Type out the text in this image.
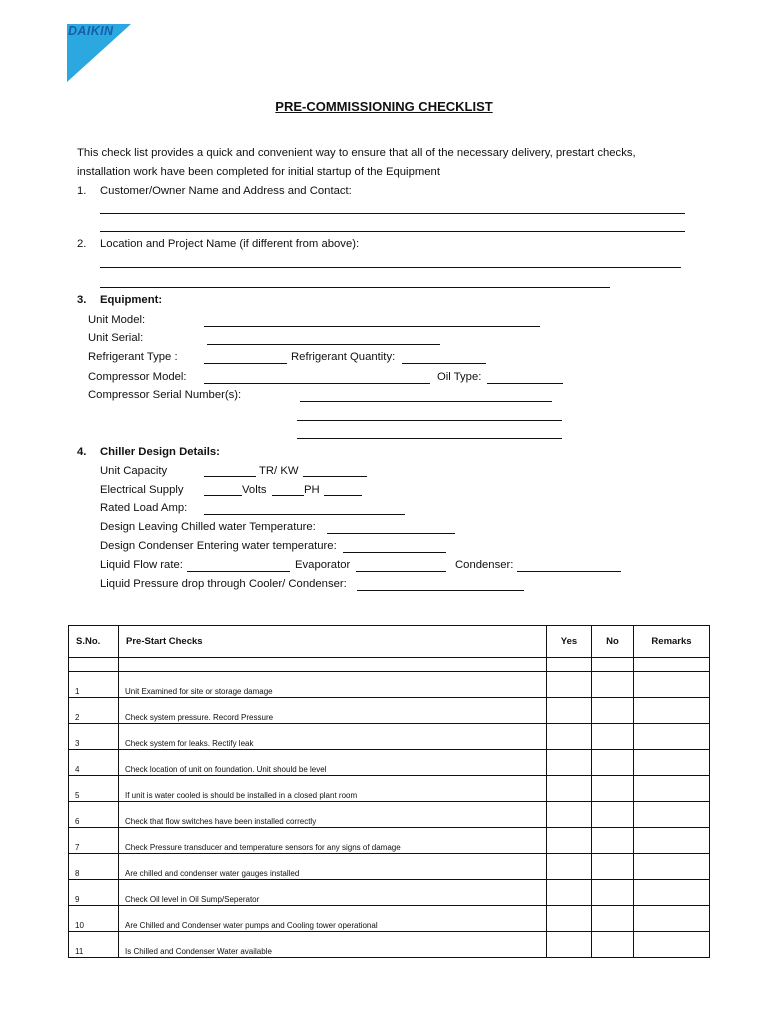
DAIKIN
PRE-COMMISSIONING CHECKLIST
This check list provides a quick and convenient way to ensure that all of the necessary delivery, prestart checks,
installation work have been completed for initial startup of the Equipment
1. Customer/Owner Name and Address and Contact:
2. Location and Project Name (if different from above):
3. Equipment:
Unit Model:
Unit Serial:
Refrigerant Type :	Refrigerant Quantity:
Compressor Model:	Oil Type:
Compressor Serial Number(s):
4. Chiller Design Details:
Unit Capacity	TR/ KW
Electrical Supply	Volts	PH
Rated Load Amp:
Design Leaving Chilled water Temperature:
Design Condenser Entering water temperature:
Liquid Flow rate:	Evaporator	Condenser:
Liquid Pressure drop through Cooler/ Condenser:
S.No.	Pre-Start Checks	Yes	No	Remarks

1	Unit Examined for site or storage damage			

2	Check system pressure. Record Pressure			

3	Check system for leaks. Rectify leak			

4	Check location of unit on foundation. Unit should be level			

5	If unit is water cooled is should be installed in a closed plant room			

6	Check that flow switches have been installed correctly			

7	Check Pressure transducer and temperature sensors for any signs of damage			

8	Are chilled and condenser water gauges installed			

9	Check Oil level in Oil Sump/Seperator			

10	Are Chilled and Condenser water pumps and Cooling tower operational			

11	Is Chilled and Condenser Water available			
